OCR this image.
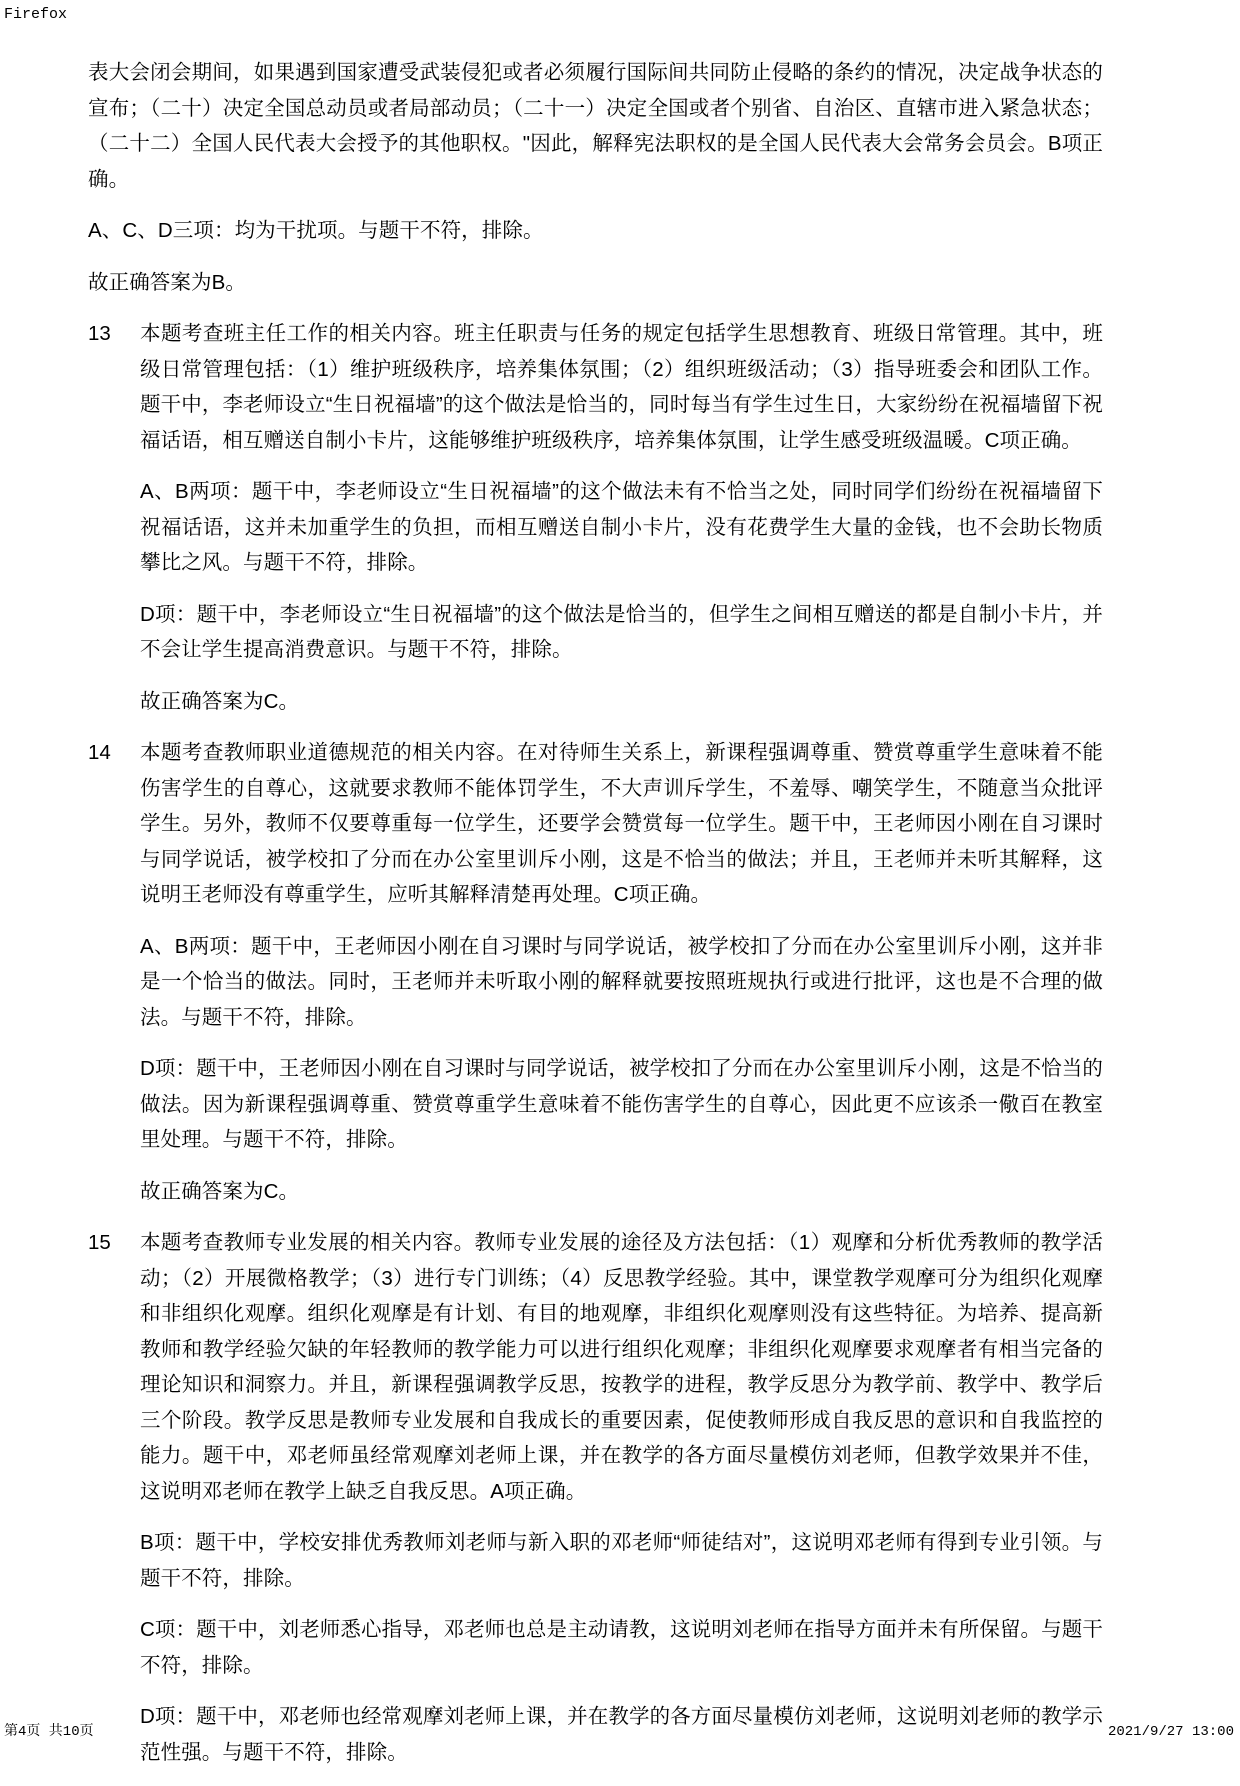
Firefox

表大会闭会期间，如果遇到国家遭受武装侵犯或者必须履行国际间共同防止侵略的条约的情况，决定战争状态的宣布；（二十）决定全国总动员或者局部动员；（二十一）决定全国或者个别省、自治区、直辖市进入紧急状态；（二十二）全国人民代表大会授予的其他职权。"因此，解释宪法职权的是全国人民代表大会常务会员会。B项正确。

A、C、D三项：均为干扰项。与题干不符，排除。

故正确答案为B。

13 本题考查班主任工作的相关内容。班主任职责与任务的规定包括学生思想教育、班级日常管理。其中，班级日常管理包括：（1）维护班级秩序，培养集体氛围；（2）组织班级活动；（3）指导班委会和团队工作。题干中，李老师设立“生日祝福墙”的这个做法是恰当的，同时每当有学生过生日，大家纷纷在祝福墙留下祝福话语，相互赠送自制小卡片，这能够维护班级秩序，培养集体氛围，让学生感受班级温暖。C项正确。

A、B两项：题干中，李老师设立“生日祝福墙”的这个做法未有不恰当之处，同时同学们纷纷在祝福墙留下祝福话语，这并未加重学生的负担，而相互赠送自制小卡片，没有花费学生大量的金钱，也不会助长物质攀比之风。与题干不符，排除。

D项：题干中，李老师设立“生日祝福墙”的这个做法是恰当的，但学生之间相互赠送的都是自制小卡片，并不会让学生提高消费意识。与题干不符，排除。

故正确答案为C。

14 本题考查教师职业道德规范的相关内容。在对待师生关系上，新课程强调尊重、赞赏尊重学生意味着不能伤害学生的自尊心，这就要求教师不能体罚学生，不大声训斥学生，不羞辱、嘲笑学生，不随意当众批评学生。另外，教师不仅要尊重每一位学生，还要学会赞赏每一位学生。题干中，王老师因小刚在自习课时与同学说话，被学校扣了分而在办公室里训斥小刚，这是不恰当的做法；并且，王老师并未听其解释，这说明王老师没有尊重学生，应听其解释清楚再处理。C项正确。

A、B两项：题干中，王老师因小刚在自习课时与同学说话，被学校扣了分而在办公室里训斥小刚，这并非是一个恰当的做法。同时，王老师并未听取小刚的解释就要按照班规执行或进行批评，这也是不合理的做法。与题干不符，排除。

D项：题干中，王老师因小刚在自习课时与同学说话，被学校扣了分而在办公室里训斥小刚，这是不恰当的做法。因为新课程强调尊重、赞赏尊重学生意味着不能伤害学生的自尊心，因此更不应该杀一儆百在教室里处理。与题干不符，排除。

故正确答案为C。

15 本题考查教师专业发展的相关内容。教师专业发展的途径及方法包括：（1）观摩和分析优秀教师的教学活动；（2）开展微格教学；（3）进行专门训练；（4）反思教学经验。其中，课堂教学观摩可分为组织化观摩和非组织化观摩。组织化观摩是有计划、有目的地观摩，非组织化观摩则没有这些特征。为培养、提高新教师和教学经验欠缺的年轻教师的教学能力可以进行组织化观摩；非组织化观摩要求观摩者有相当完备的理论知识和洞察力。并且，新课程强调教学反思，按教学的进程，教学反思分为教学前、教学中、教学后三个阶段。教学反思是教师专业发展和自我成长的重要因素，促使教师形成自我反思的意识和自我监控的能力。题干中，邓老师虽经常观摩刘老师上课，并在教学的各方面尽量模仿刘老师，但教学效果并不佳，这说明邓老师在教学上缺乏自我反思。A项正确。

B项：题干中，学校安排优秀教师刘老师与新入职的邓老师“师徒结对”，这说明邓老师有得到专业引领。与题干不符，排除。

C项：题干中，刘老师悉心指导，邓老师也总是主动请教，这说明刘老师在指导方面并未有所保留。与题干不符，排除。

D项：题干中，邓老师也经常观摩刘老师上课，并在教学的各方面尽量模仿刘老师，这说明刘老师的教学示范性强。与题干不符，排除。

第4页 共10页	2021/9/27 13:00
